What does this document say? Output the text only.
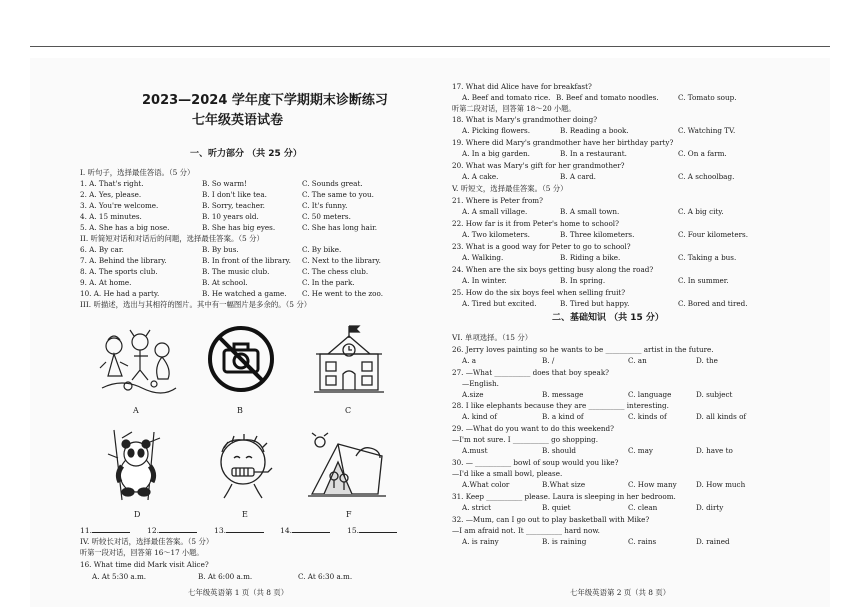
2023—2024 学年度下学期期末诊断练习
七年级英语试卷
一、听力部分 （共 25 分）
I. 听句子，选择最佳答语。（5 分）
1. A. That's right.	B. So warm!	C. Sounds great.
2. A. Yes, please.	B. I don't like tea.	C. The same to you.
3. A. You're welcome.	B. Sorry, teacher.	C. It's funny.
4. A. 15 minutes.	B. 10 years old.	C. 50 meters.
5. A. She has a big nose.	B. She has big eyes.	C. She has long hair.
II. 听简短对话和对话后的问题，选择最佳答案。（5 分）
6. A. By car.	B. By bus.	C. By bike.
7. A. Behind the library.	B. In front of the library. C. Next to the library.
8. A. The sports club.	B. The music club.	C. The chess club.
9. A. At home.	B. At school.	C. In the park.
10. A. He had a party.	B. He watched a game. C. He went to the zoo.
III. 听描述，选出与其相符的图片。其中有一幅图片是多余的。（5 分）
A	B	C
D	E	F
11.	12.	13.	14.	15.
IV. 听较长对话，选择最佳答案。（5 分）
听第一段对话，回答第 16～17 小题。
16. What time did Mark visit Alice?
A. At 5:30 a.m.	B. At 6:00 a.m.	C. At 6:30 a.m.
七年级英语第 1 页（共 8 页）
17. What did Alice have for breakfast?
A. Beef and tomato rice. B. Beef and tomato noodles.	C. Tomato soup.
听第二段对话，回答第 18～20 小题。
18. What is Mary's grandmother doing?
A. Picking flowers.	B. Reading a book.	C. Watching TV.
19. Where did Mary's grandmother have her birthday party?
A. In a big garden.	B. In a restaurant.	C. On a farm.
20. What was Mary's gift for her grandmother?
A. A cake.	B. A card.	C. A schoolbag.
V. 听短文，选择最佳答案。（5 分）
21. Where is Peter from?
A. A small village.	B. A small town.	C. A big city.
22. How far is it from Peter's home to school?
A. Two kilometers.	B. Three kilometers.	C. Four kilometers.
23. What is a good way for Peter to go to school?
A. Walking.	B. Riding a bike.	C. Taking a bus.
24. When are the six boys getting busy along the road?
A. In winter.	B. In spring.	C. In summer.
25. How do the six boys feel when selling fruit?
A. Tired but excited.	B. Tired but happy.	C. Bored and tired.
二、基础知识 （共 15 分）
VI. 单项选择。（15 分）
26. Jerry loves painting so he wants to be __________ artist in the future.
A. a	B. /	C. an	D. the
27. —What __________ does that boy speak?
—English.
A.size	B. message	C. language	D. subject
28. I like elephants because they are __________ interesting.
A. kind of	B. a kind of	C. kinds of	D. all kinds of
29. —What do you want to do this weekend?
—I'm not sure. I __________ go shopping.
A.must	B. should	C. may	D. have to
30. — __________ bowl of soup would you like?
—I'd like a small bowl, please.
A.What color	B.What size	C. How many	D. How much
31. Keep __________ please. Laura is sleeping in her bedroom.
A. strict	B. quiet	C. clean	D. dirty
32. —Mum, can I go out to play basketball with Mike?
—I am afraid not. It __________ hard now.
A. is rainy	B. is raining	C. rains	D. rained
七年级英语第 2 页（共 8 页）
